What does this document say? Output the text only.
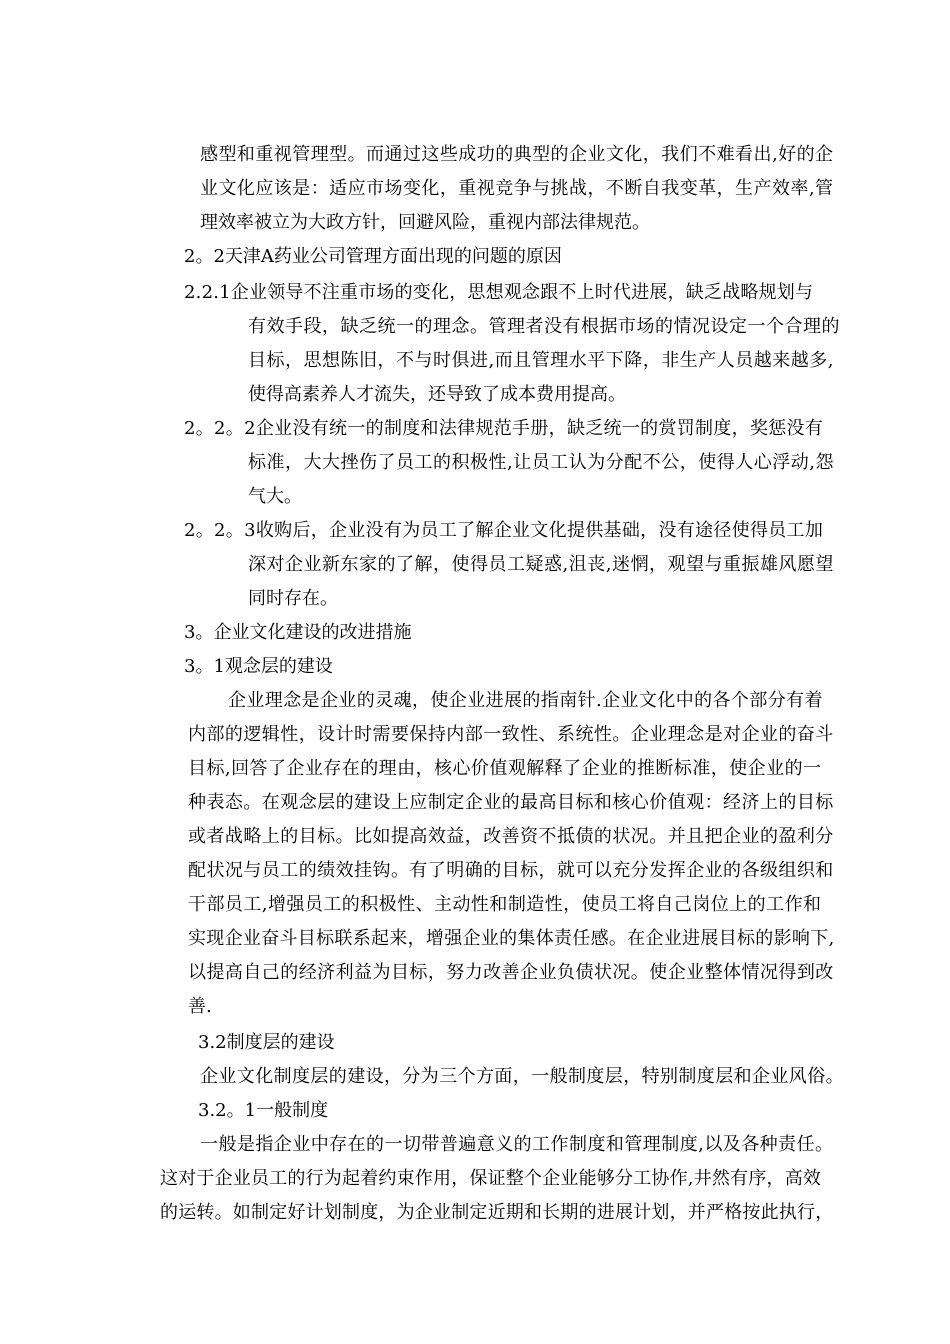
感型和重视管理型。而通过这些成功的典型的企业文化，我们不难看出,好的企
业文化应该是：适应市场变化，重视竞争与挑战，不断自我变革，生产效率,管
理效率被立为大政方针，回避风险，重视内部法律规范。
2。2天津A药业公司管理方面出现的问题的原因
2.2.1企业领导不注重市场的变化，思想观念跟不上时代进展，缺乏战略规划与
有效手段，缺乏统一的理念。管理者没有根据市场的情况设定一个合理的
目标，思想陈旧，不与时俱进,而且管理水平下降，非生产人员越来越多,
使得高素养人才流失，还导致了成本费用提高。
2。2。2企业没有统一的制度和法律规范手册，缺乏统一的赏罚制度，奖惩没有
标准，大大挫伤了员工的积极性,让员工认为分配不公，使得人心浮动,怨
气大。
2。2。3收购后，企业没有为员工了解企业文化提供基础，没有途径使得员工加
深对企业新东家的了解，使得员工疑惑,沮丧,迷惘，观望与重振雄风愿望
同时存在。
3。企业文化建设的改进措施
3。1观念层的建设
企业理念是企业的灵魂，使企业进展的指南针.企业文化中的各个部分有着
内部的逻辑性，设计时需要保持内部一致性、系统性。企业理念是对企业的奋斗
目标,回答了企业存在的理由，核心价值观解释了企业的推断标准，使企业的一
种表态。在观念层的建设上应制定企业的最高目标和核心价值观：经济上的目标
或者战略上的目标。比如提高效益，改善资不抵债的状况。并且把企业的盈利分
配状况与员工的绩效挂钩。有了明确的目标，就可以充分发挥企业的各级组织和
干部员工,增强员工的积极性、主动性和制造性，使员工将自己岗位上的工作和
实现企业奋斗目标联系起来，增强企业的集体责任感。在企业进展目标的影响下,
以提高自己的经济利益为目标，努力改善企业负债状况。使企业整体情况得到改
善.
3.2制度层的建设
企业文化制度层的建设，分为三个方面，一般制度层，特别制度层和企业风俗。
3.2。1一般制度
一般是指企业中存在的一切带普遍意义的工作制度和管理制度,以及各种责任。
这对于企业员工的行为起着约束作用，保证整个企业能够分工协作,井然有序，高效
的运转。如制定好计划制度，为企业制定近期和长期的进展计划，并严格按此执行，
